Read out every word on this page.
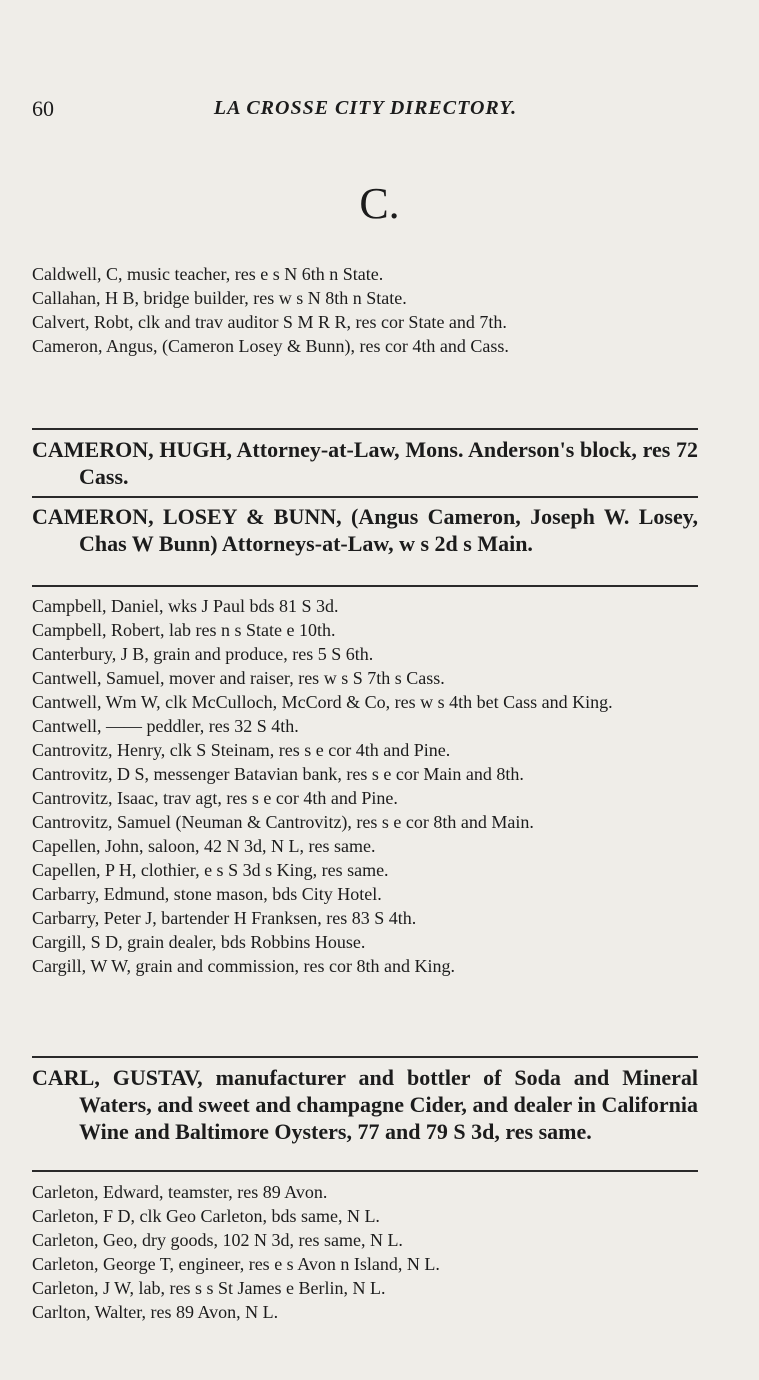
60	LA CROSSE CITY DIRECTORY.
C.
Caldwell, C, music teacher, res e s N 6th n State.
Callahan, H B, bridge builder, res w s N 8th n State.
Calvert, Robt, clk and trav auditor S M R R, res cor State and 7th.
Cameron, Angus, (Cameron Losey & Bunn), res cor 4th and Cass.
CAMERON, HUGH, Attorney-at-Law, Mons. Anderson's block, res 72 Cass.
CAMERON, LOSEY & BUNN, (Angus Cameron, Joseph W. Losey, Chas W Bunn) Attorneys-at-Law, w s 2d s Main.
Campbell, Daniel, wks J Paul bds 81 S 3d.
Campbell, Robert, lab res n s State e 10th.
Canterbury, J B, grain and produce, res 5 S 6th.
Cantwell, Samuel, mover and raiser, res w s S 7th s Cass.
Cantwell, Wm W, clk McCulloch, McCord & Co, res w s 4th bet Cass and King.
Cantwell, —— peddler, res 32 S 4th.
Cantrovitz, Henry, clk S Steinam, res s e cor 4th and Pine.
Cantrovitz, D S, messenger Batavian bank, res s e cor Main and 8th.
Cantrovitz, Isaac, trav agt, res s e cor 4th and Pine.
Cantrovitz, Samuel (Neuman & Cantrovitz), res s e cor 8th and Main.
Capellen, John, saloon, 42 N 3d, N L, res same.
Capellen, P H, clothier, e s S 3d s King, res same.
Carbarry, Edmund, stone mason, bds City Hotel.
Carbarry, Peter J, bartender H Franksen, res 83 S 4th.
Cargill, S D, grain dealer, bds Robbins House.
Cargill, W W, grain and commission, res cor 8th and King.
CARL, GUSTAV, manufacturer and bottler of Soda and Mineral Waters, and sweet and champagne Cider, and dealer in California Wine and Baltimore Oysters, 77 and 79 S 3d, res same.
Carleton, Edward, teamster, res 89 Avon.
Carleton, F D, clk Geo Carleton, bds same, N L.
Carleton, Geo, dry goods, 102 N 3d, res same, N L.
Carleton, George T, engineer, res e s Avon n Island, N L.
Carleton, J W, lab, res s s St James e Berlin, N L.
Carlton, Walter, res 89 Avon, N L.
